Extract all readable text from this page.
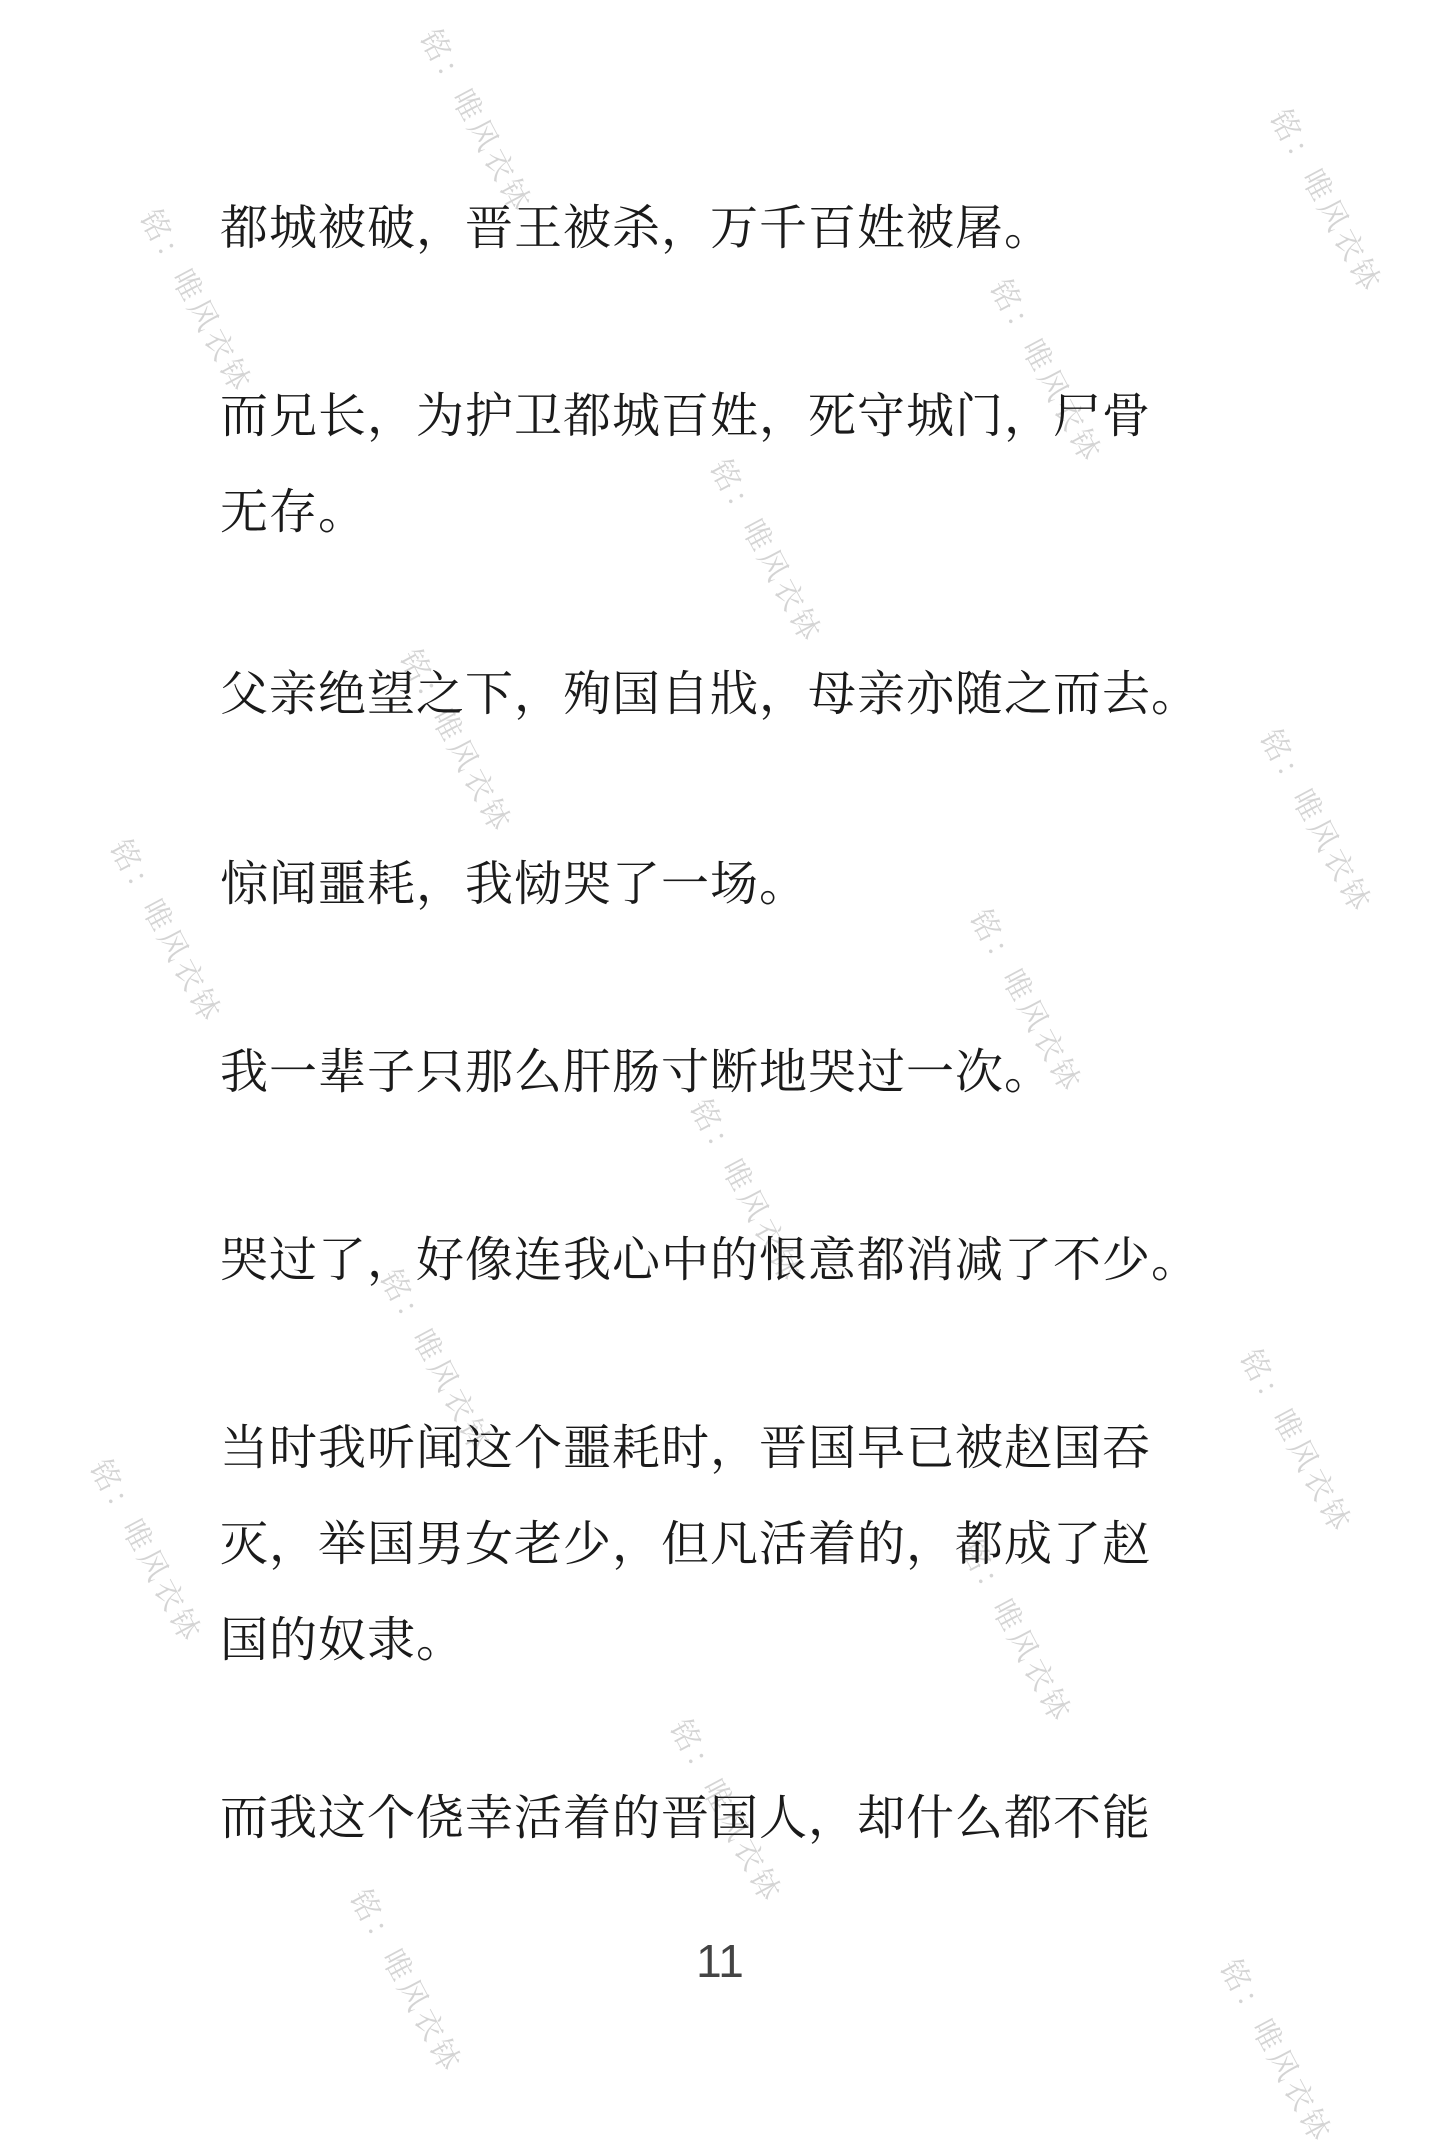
铭：唯风衣钵	铭：唯风衣钵
铭：唯风衣钵	铭：唯风衣钵
铭：唯风衣钵
铭：唯风衣钵	铭：唯风衣钵
铭：唯风衣钵	铭：唯风衣钵
铭：唯风衣钵
铭：唯风衣钵	铭：唯风衣钵
铭：唯风衣钵	铭：唯风衣钵
铭：唯风衣钵
铭：唯风衣钵	铭：唯风衣钵

都城被破，晋王被杀，万千百姓被屠。

而兄长，为护卫都城百姓，死守城门，尸骨
无存。

父亲绝望之下，殉国自戕，母亲亦随之而去。

惊闻噩耗，我恸哭了一场。

我一辈子只那么肝肠寸断地哭过一次。

哭过了，好像连我心中的恨意都消减了不少。

当时我听闻这个噩耗时，晋国早已被赵国吞
灭，举国男女老少，但凡活着的，都成了赵
国的奴隶。

而我这个侥幸活着的晋国人，却什么都不能

11
